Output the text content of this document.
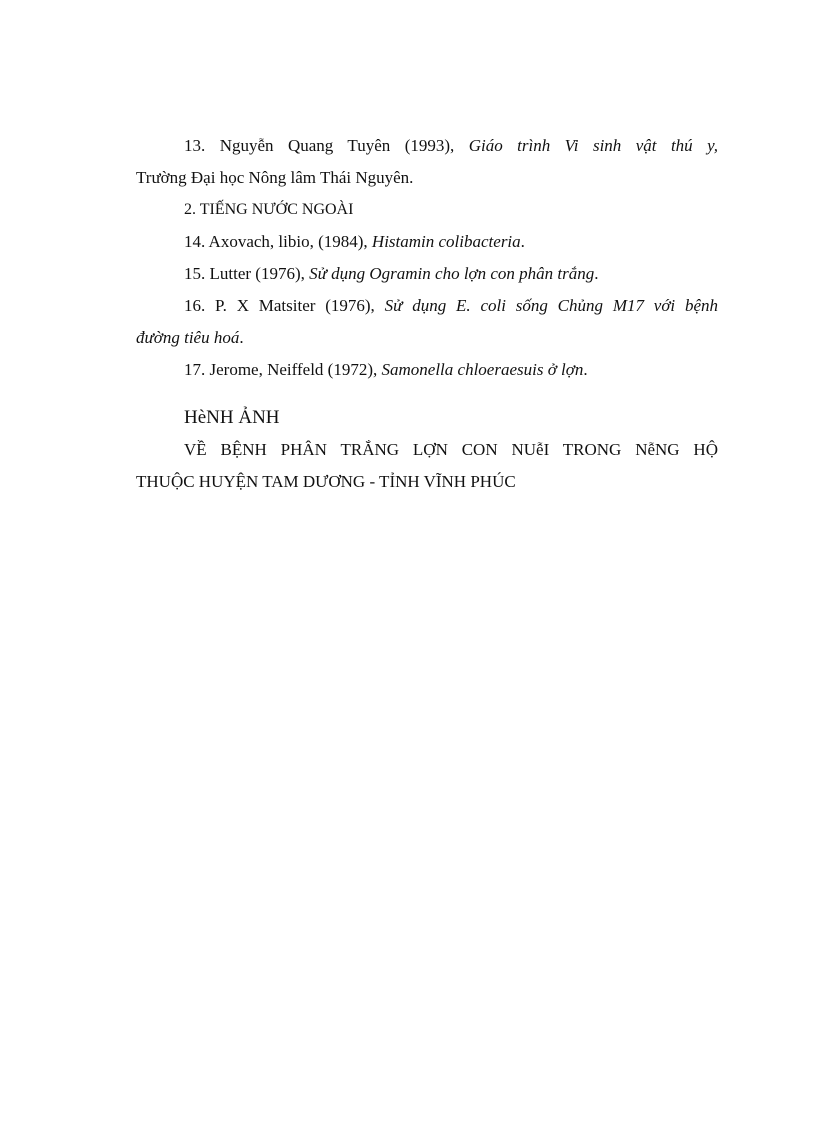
13. Nguyễn Quang Tuyên (1993), Giáo trình Vi sinh vật thú y,
Trường Đại học Nông lâm Thái Nguyên.

2. TIẾNG NƯỚC NGOÀI

14. Axovach, libio, (1984), Histamin colibacteria.

15. Lutter (1976), Sử dụng Ogramin cho lợn con phân trắng.

16. P. X Matsiter (1976), Sử dụng E. coli sống Chủng M17 với bệnh
đường tiêu hoá.

17. Jerome, Neiffeld (1972), Samonella chloeraesuis ở lợn.

HèNH ẢNH

VỀ BỆNH PHÂN TRẮNG LỢN CON NUễI TRONG NễNG HỘ
THUỘC HUYỆN TAM DƯƠNG - TỈNH VĨNH PHÚC
